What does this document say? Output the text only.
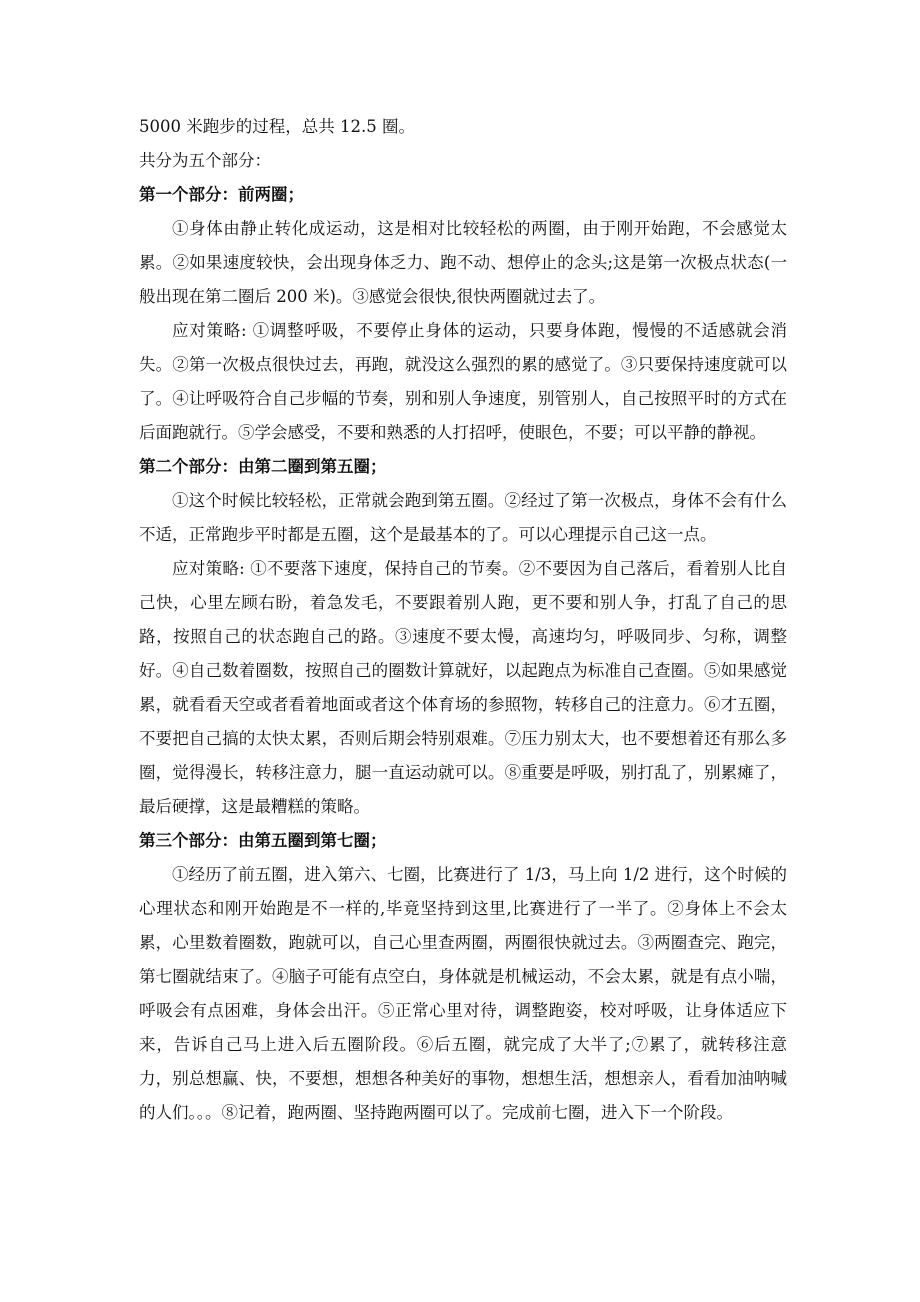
5000 米跑步的过程，总共 12.5 圈。

共分为五个部分：

第一个部分：前两圈；

①身体由静止转化成运动，这是相对比较轻松的两圈，由于刚开始跑，不会感觉太累。②如果速度较快，会出现身体乏力、跑不动、想停止的念头;这是第一次极点状态(一般出现在第二圈后 200 米)。③感觉会很快,很快两圈就过去了。

应对策略: ①调整呼吸，不要停止身体的运动，只要身体跑，慢慢的不适感就会消失。②第一次极点很快过去，再跑，就没这么强烈的累的感觉了。③只要保持速度就可以了。④让呼吸符合自己步幅的节奏，别和别人争速度，别管别人，自己按照平时的方式在后面跑就行。⑤学会感受，不要和熟悉的人打招呼，使眼色，不要；可以平静的静视。

第二个部分：由第二圈到第五圈；

①这个时候比较轻松，正常就会跑到第五圈。②经过了第一次极点，身体不会有什么不适，正常跑步平时都是五圈，这个是最基本的了。可以心理提示自己这一点。

应对策略: ①不要落下速度，保持自己的节奏。②不要因为自己落后，看着别人比自己快，心里左顾右盼，着急发毛，不要跟着别人跑，更不要和别人争，打乱了自己的思路，按照自己的状态跑自己的路。③速度不要太慢，高速均匀，呼吸同步、匀称，调整好。④自己数着圈数，按照自己的圈数计算就好，以起跑点为标准自己查圈。⑤如果感觉累，就看看天空或者看着地面或者这个体育场的参照物，转移自己的注意力。⑥才五圈，不要把自己搞的太快太累，否则后期会特别艰难。⑦压力别太大，也不要想着还有那么多圈，觉得漫长，转移注意力，腿一直运动就可以。⑧重要是呼吸，别打乱了，别累瘫了，最后硬撑，这是最糟糕的策略。

第三个部分：由第五圈到第七圈；

①经历了前五圈，进入第六、七圈，比赛进行了 1/3，马上向 1/2 进行，这个时候的心理状态和刚开始跑是不一样的,毕竟坚持到这里,比赛进行了一半了。②身体上不会太累，心里数着圈数，跑就可以，自己心里查两圈，两圈很快就过去。③两圈查完、跑完，第七圈就结束了。④脑子可能有点空白，身体就是机械运动，不会太累，就是有点小喘，呼吸会有点困难，身体会出汗。⑤正常心里对待，调整跑姿，校对呼吸，让身体适应下来，告诉自己马上进入后五圈阶段。⑥后五圈，就完成了大半了;⑦累了，就转移注意力，别总想赢、快，不要想，想想各种美好的事物，想想生活，想想亲人，看看加油呐喊的人们。。。⑧记着，跑两圈、坚持跑两圈可以了。完成前七圈，进入下一个阶段。
